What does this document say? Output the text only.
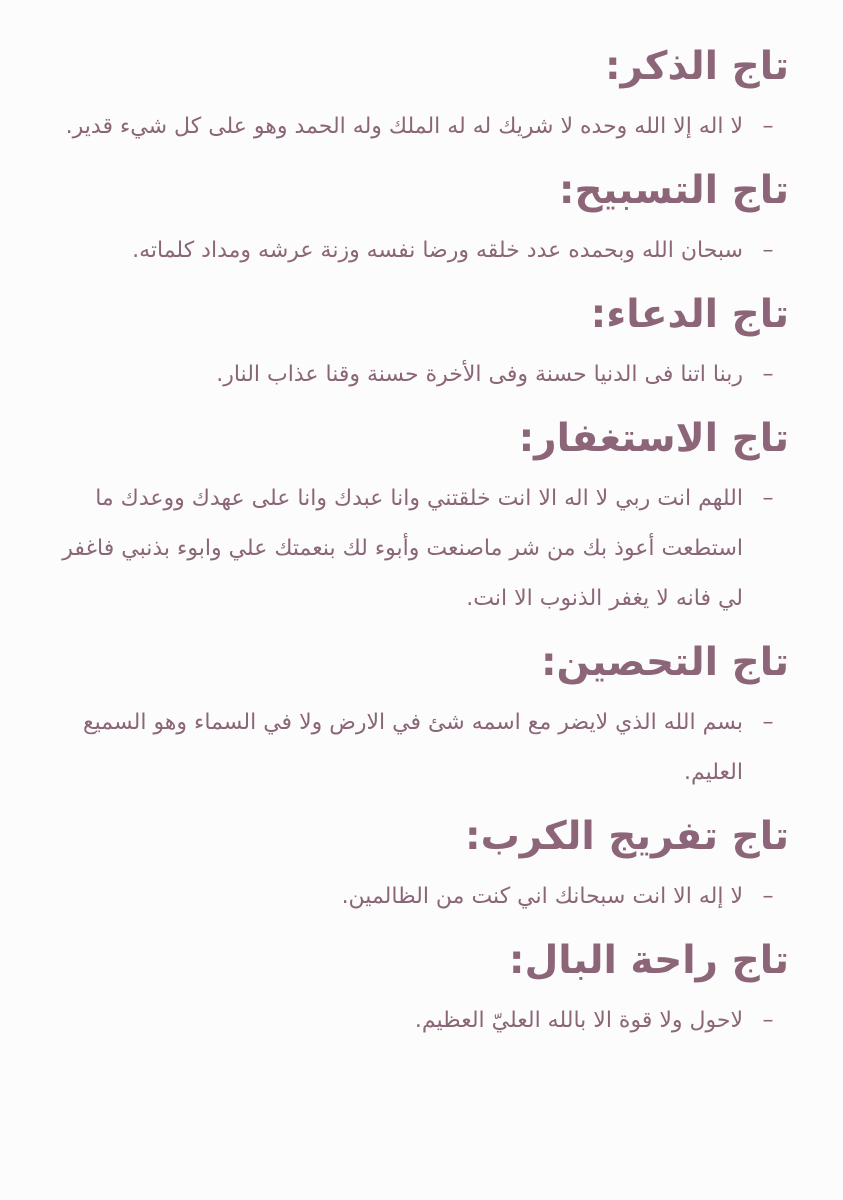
تاج الذكر:
–
لا اله إلا الله وحده لا شريك له له الملك وله الحمد وهو على كل شيء قدير.
تاج التسبيح:
–
سبحان الله وبحمده عدد خلقه ورضا نفسه وزنة عرشه ومداد كلماته.
تاج الدعاء:
–
ربنا اتنا فى الدنيا حسنة وفى الأخرة حسنة وقنا عذاب النار.
تاج الاستغفار:
–
اللهم انت ربي لا اله الا انت خلقتني وانا عبدك وانا على عهدك ووعدك ما استطعت أعوذ بك من شر ماصنعت وأبوء لك بنعمتك علي وابوء بذنبي فاغفر لي فانه لا يغفر الذنوب الا انت.
تاج التحصين:
–
بسم الله الذي لايضر مع اسمه شئ في الارض ولا في السماء وهو السميع العليم.
تاج تفريج الكرب:
–
لا إله الا انت سبحانك اني كنت من الظالمين.
تاج راحة البال:
–
لاحول ولا قوة الا بالله العليّ العظيم.
